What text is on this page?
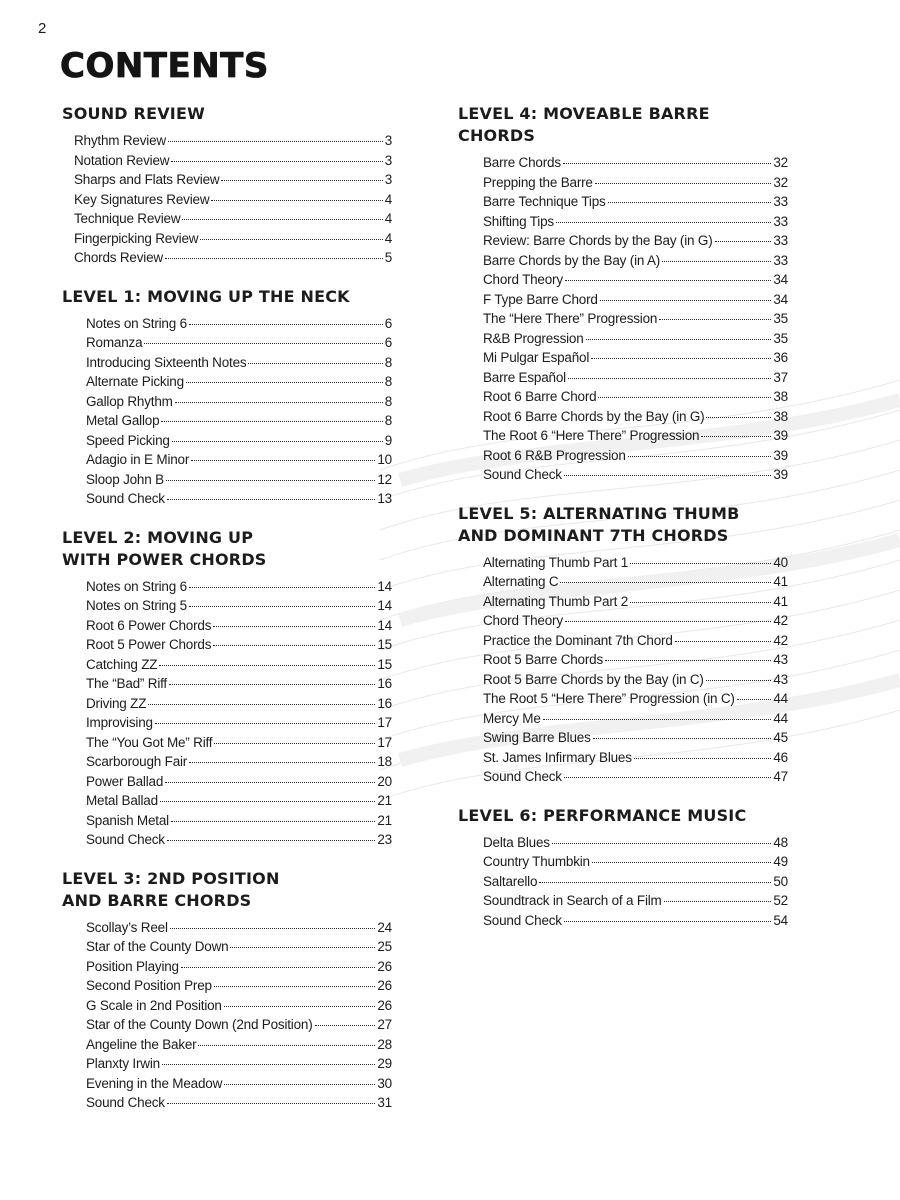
2
CONTENTS
SOUND REVIEW
Rhythm Review	3
Notation Review	3
Sharps and Flats Review	3
Key Signatures Review	4
Technique Review	4
Fingerpicking Review	4
Chords Review	5
LEVEL 1: MOVING UP THE NECK
Notes on String 6	6
Romanza	6
Introducing Sixteenth Notes	8
Alternate Picking	8
Gallop Rhythm	8
Metal Gallop	8
Speed Picking	9
Adagio in E Minor	10
Sloop John B	12
Sound Check	13
LEVEL 2: MOVING UP
WITH POWER CHORDS
Notes on String 6	14
Notes on String 5	14
Root 6 Power Chords	14
Root 5 Power Chords	15
Catching ZZ	15
The “Bad” Riff	16
Driving ZZ	16
Improvising	17
The “You Got Me” Riff	17
Scarborough Fair	18
Power Ballad	20
Metal Ballad	21
Spanish Metal	21
Sound Check	23
LEVEL 3: 2ND POSITION
AND BARRE CHORDS
Scollay’s Reel	24
Star of the County Down	25
Position Playing	26
Second Position Prep	26
G Scale in 2nd Position	26
Star of the County Down (2nd Position)	27
Angeline the Baker	28
Planxty Irwin	29
Evening in the Meadow	30
Sound Check	31
LEVEL 4: MOVEABLE BARRE CHORDS
Barre Chords	32
Prepping the Barre	32
Barre Technique Tips	33
Shifting Tips	33
Review: Barre Chords by the Bay (in G)	33
Barre Chords by the Bay (in A)	33
Chord Theory	34
F Type Barre Chord	34
The “Here There” Progression	35
R&B Progression	35
Mi Pulgar Español	36
Barre Español	37
Root 6 Barre Chord	38
Root 6 Barre Chords by the Bay (in G)	38
The Root 6 “Here There” Progression	39
Root 6 R&B Progression	39
Sound Check	39
LEVEL 5: ALTERNATING THUMB
AND DOMINANT 7TH CHORDS
Alternating Thumb Part 1	40
Alternating C	41
Alternating Thumb Part 2	41
Chord Theory	42
Practice the Dominant 7th Chord	42
Root 5 Barre Chords	43
Root 5 Barre Chords by the Bay (in C)	43
The Root 5 “Here There” Progression (in C)	44
Mercy Me	44
Swing Barre Blues	45
St. James Infirmary Blues	46
Sound Check	47
LEVEL 6: PERFORMANCE MUSIC
Delta Blues	48
Country Thumbkin	49
Saltarello	50
Soundtrack in Search of a Film	52
Sound Check	54
